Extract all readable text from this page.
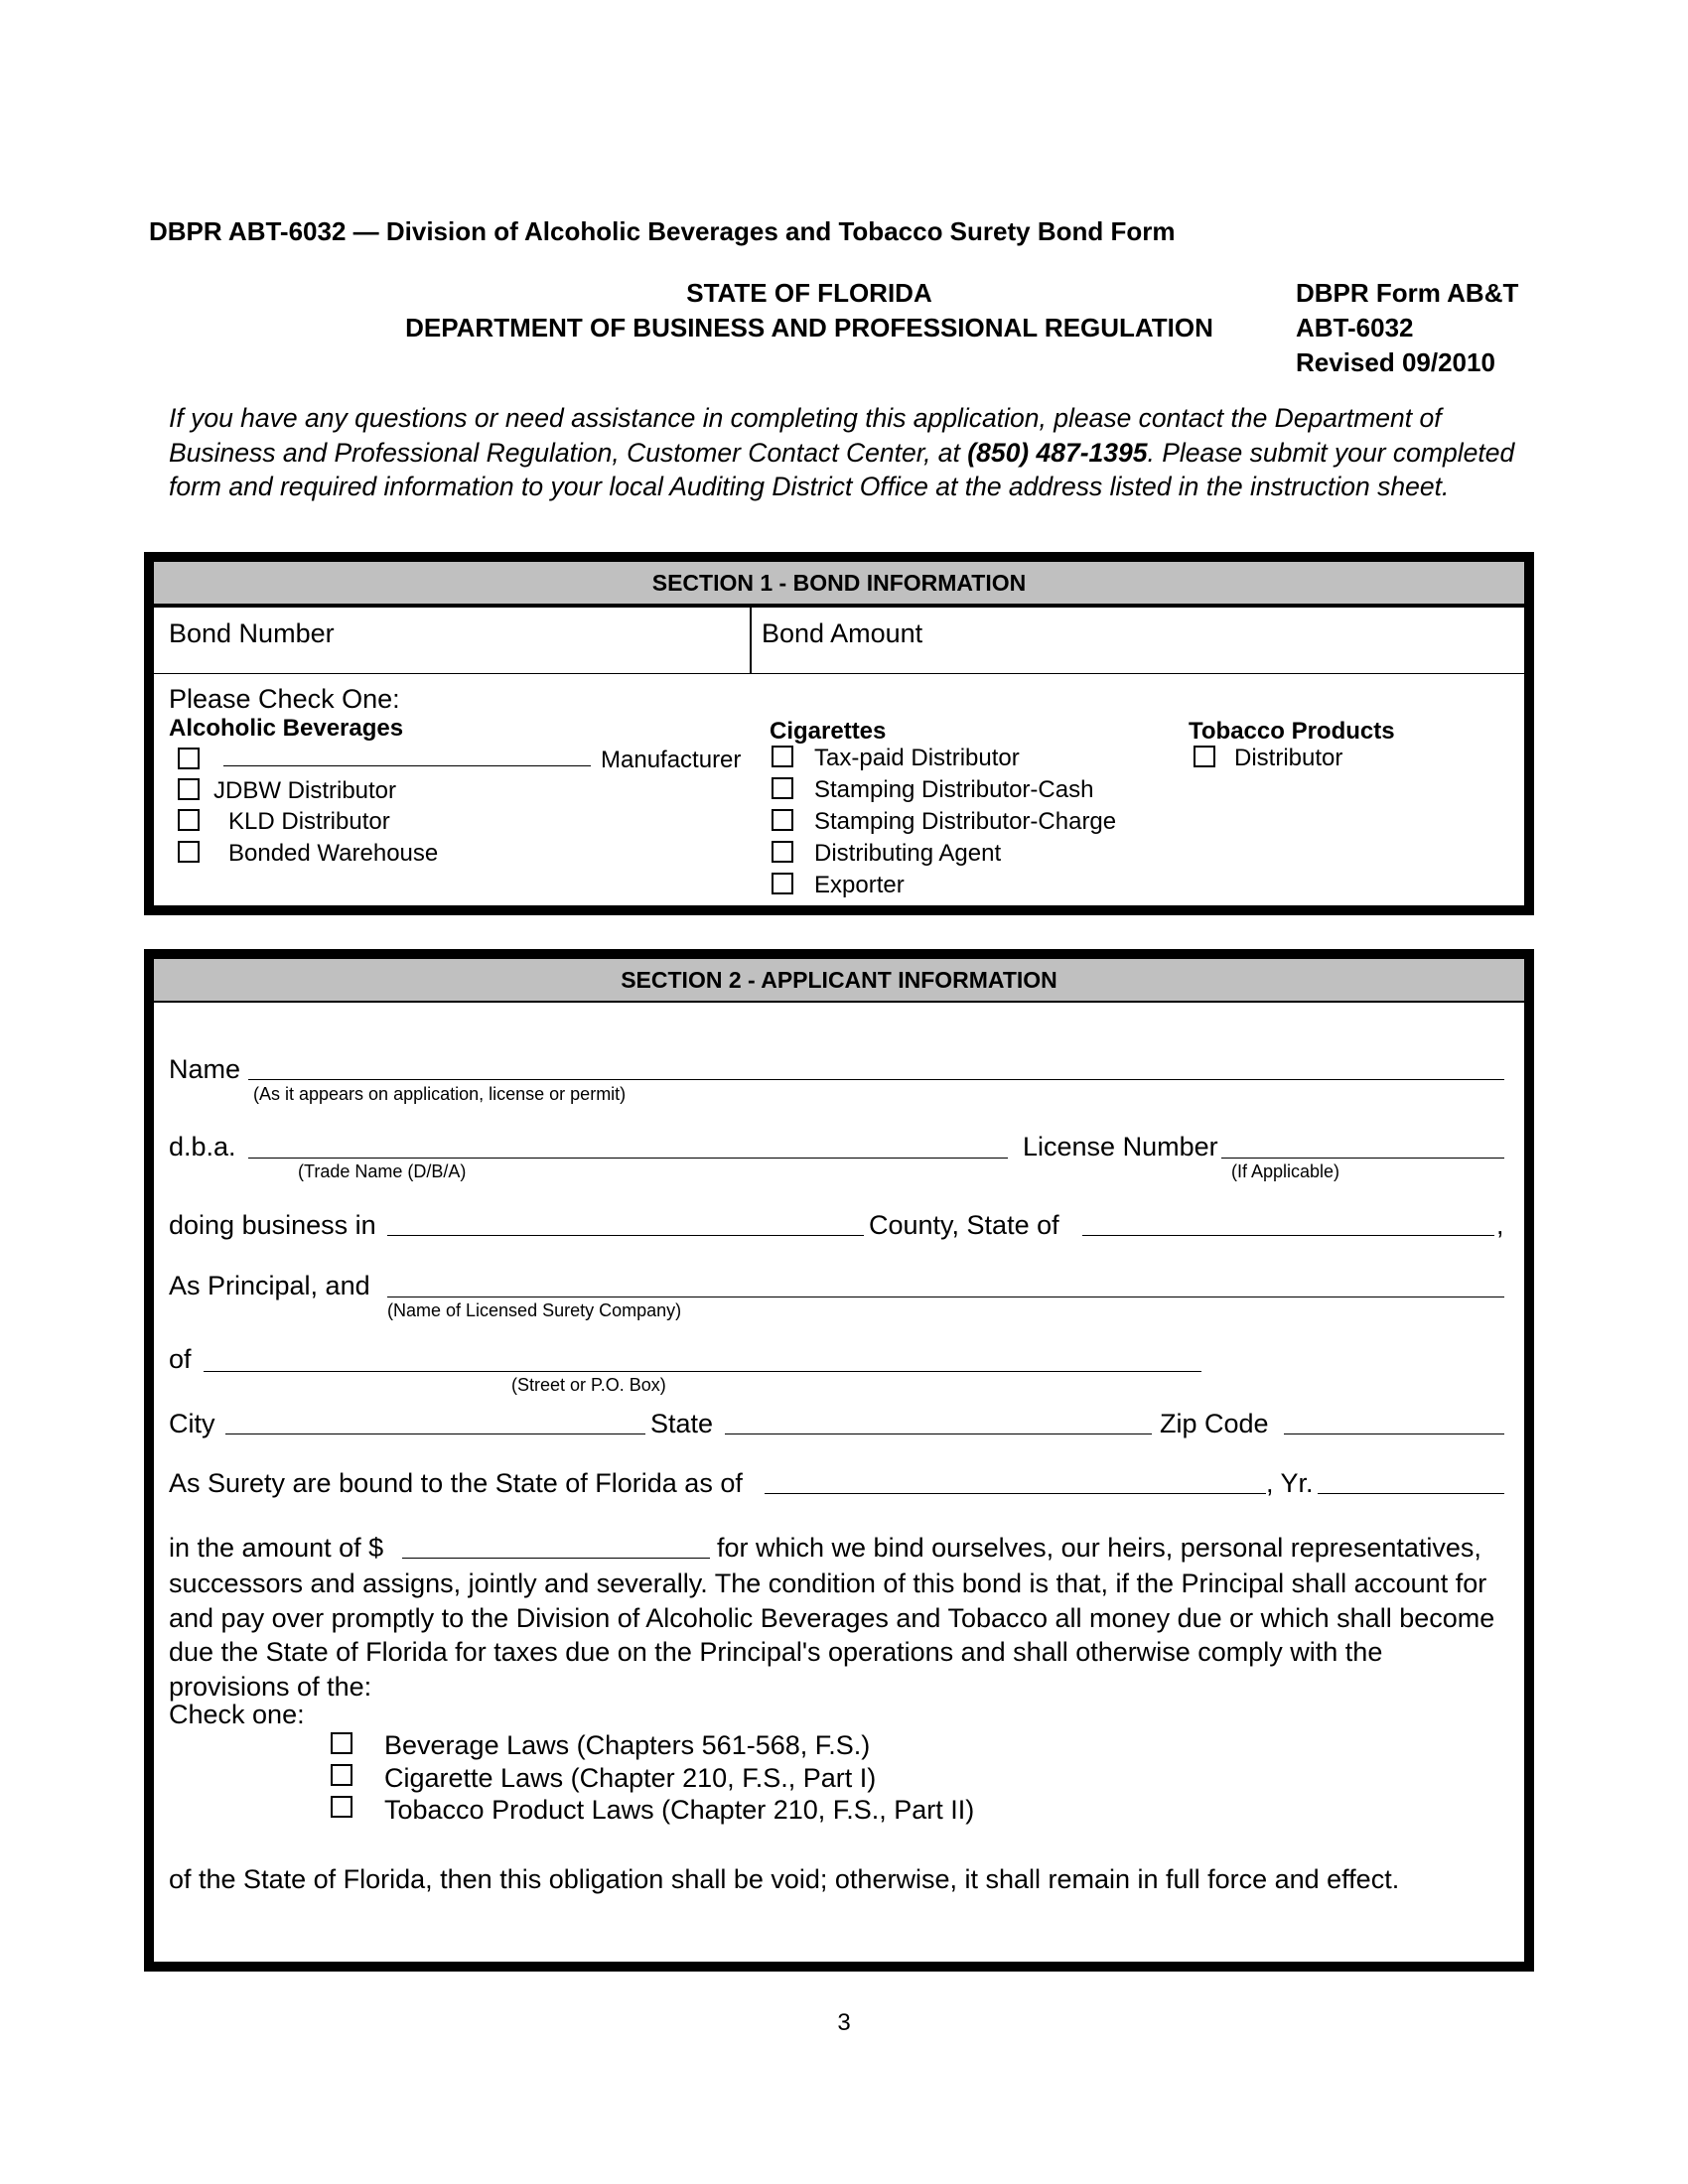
DBPR ABT-6032 — Division of Alcoholic Beverages and Tobacco Surety Bond Form
STATE OF FLORIDA
DEPARTMENT OF BUSINESS AND PROFESSIONAL REGULATION
DBPR Form AB&T
ABT-6032
Revised 09/2010
If you have any questions or need assistance in completing this application, please contact the Department of Business and Professional Regulation, Customer Contact Center, at (850) 487-1395. Please submit your completed form and required information to your local Auditing District Office at the address listed in the instruction sheet.
SECTION 1 - BOND INFORMATION
Bond Number	Bond Amount
Please Check One:
Alcoholic Beverages
Manufacturer
JDBW Distributor
KLD Distributor
Bonded Warehouse
Cigarettes
Tax-paid Distributor
Stamping Distributor-Cash
Stamping Distributor-Charge
Distributing Agent
Exporter
Tobacco Products
Distributor
SECTION 2 - APPLICANT INFORMATION
Name
(As it appears on application, license or permit)
d.b.a.
(Trade Name (D/B/A)
License Number
(If Applicable)
doing business in	County, State of	,
As Principal, and
(Name of Licensed Surety Company)
of
(Street or P.O. Box)
City	State	Zip Code
As Surety are bound to the State of Florida as of	, Yr.
in the amount of $	for which we bind ourselves, our heirs, personal representatives,
successors and assigns, jointly and severally. The condition of this bond is that, if the Principal shall account for and pay over promptly to the Division of Alcoholic Beverages and Tobacco all money due or which shall become due the State of Florida for taxes due on the Principal's operations and shall otherwise comply with the provisions of the:
Check one:
Beverage Laws (Chapters 561-568, F.S.)
Cigarette Laws (Chapter 210, F.S., Part I)
Tobacco Product Laws (Chapter 210, F.S., Part II)
of the State of Florida, then this obligation shall be void; otherwise, it shall remain in full force and effect.
3
